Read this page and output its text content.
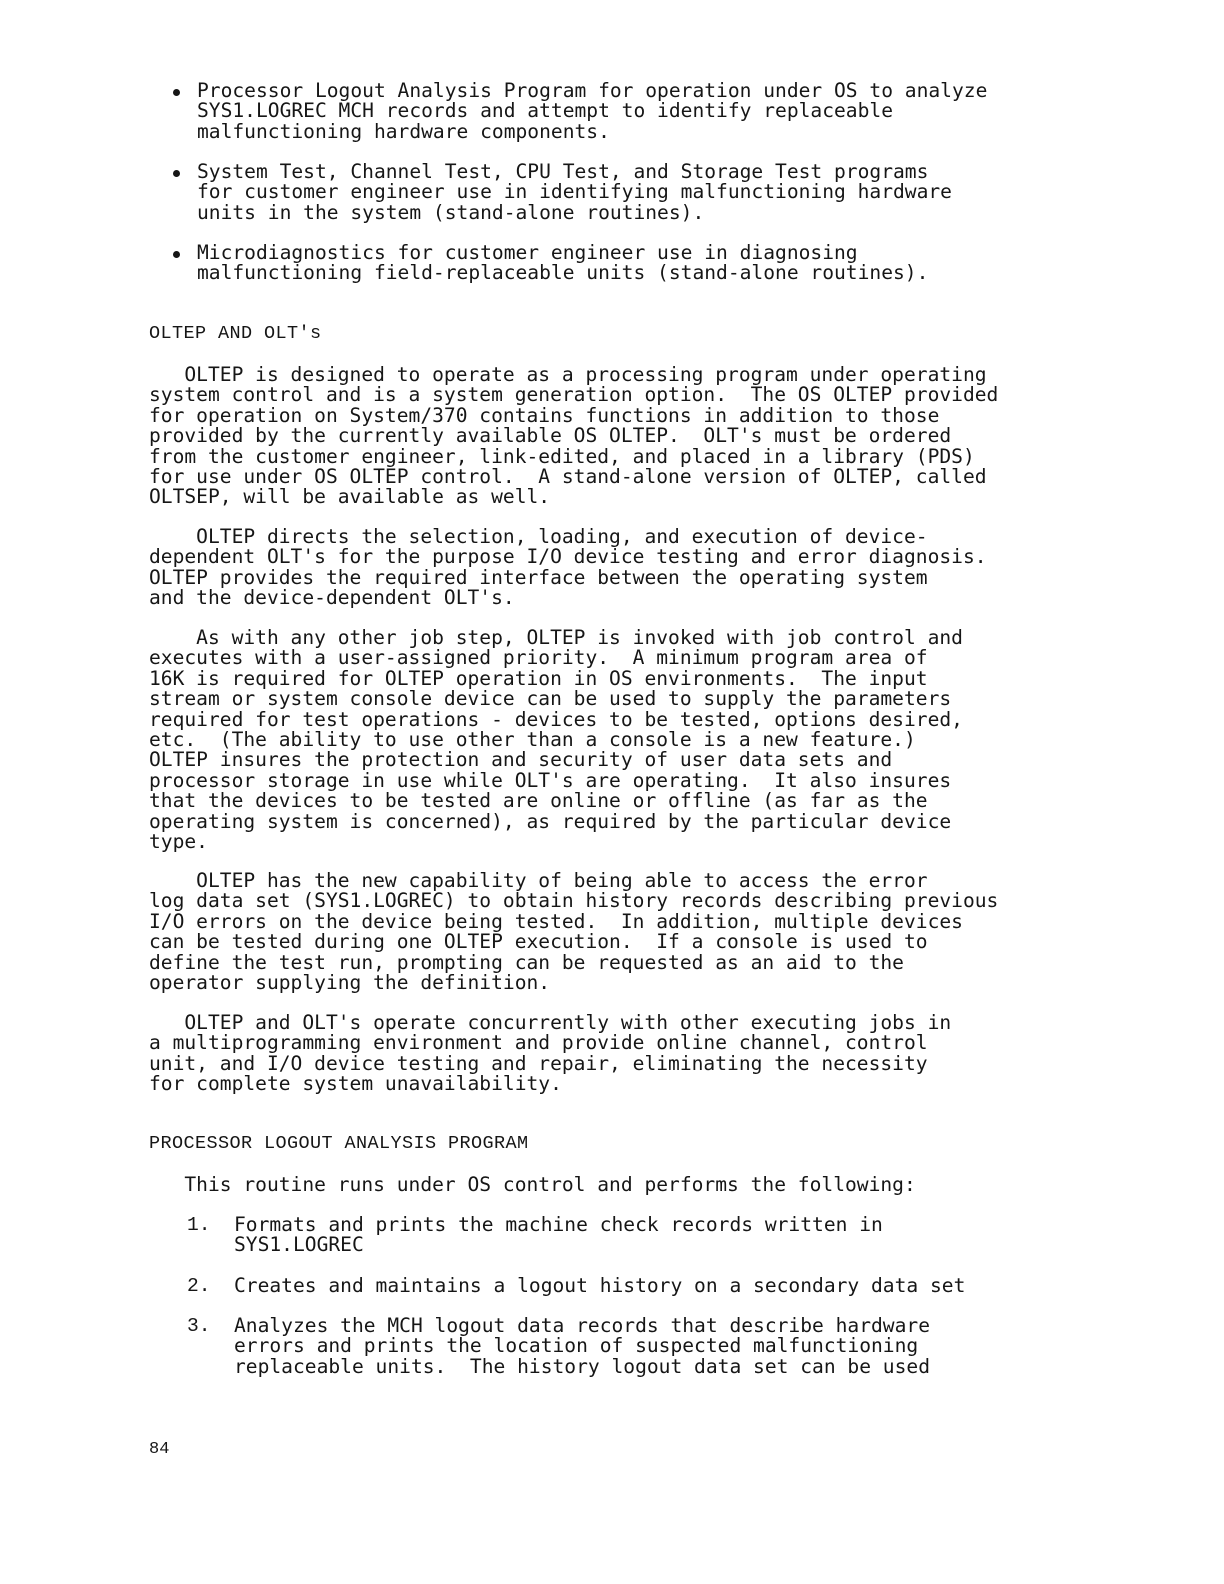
Processor Logout Analysis Program for operation under OS to analyze
SYS1.LOGREC MCH records and attempt to identify replaceable
malfunctioning hardware components.
System Test, Channel Test, CPU Test, and Storage Test programs
for customer engineer use in identifying malfunctioning hardware
units in the system (stand-alone routines).
Microdiagnostics for customer engineer use in diagnosing
malfunctioning field-replaceable units (stand-alone routines).
OLTEP AND OLT's
OLTEP is designed to operate as a processing program under operating
system control and is a system generation option.  The OS OLTEP provided
for operation on System/370 contains functions in addition to those
provided by the currently available OS OLTEP.  OLT's must be ordered
from the customer engineer, link-edited, and placed in a library (PDS)
for use under OS OLTEP control.  A stand-alone version of OLTEP, called
OLTSEP, will be available as well.
OLTEP directs the selection, loading, and execution of device-
dependent OLT's for the purpose I/O device testing and error diagnosis.
OLTEP provides the required interface between the operating system
and the device-dependent OLT's.
As with any other job step, OLTEP is invoked with job control and
executes with a user-assigned priority.  A minimum program area of
16K is required for OLTEP operation in OS environments.  The input
stream or system console device can be used to supply the parameters
required for test operations - devices to be tested, options desired,
etc.  (The ability to use other than a console is a new feature.)
OLTEP insures the protection and security of user data sets and
processor storage in use while OLT's are operating.  It also insures
that the devices to be tested are online or offline (as far as the
operating system is concerned), as required by the particular device
type.
OLTEP has the new capability of being able to access the error
log data set (SYS1.LOGREC) to obtain history records describing previous
I/O errors on the device being tested.  In addition, multiple devices
can be tested during one OLTEP execution.  If a console is used to
define the test run, prompting can be requested as an aid to the
operator supplying the definition.
OLTEP and OLT's operate concurrently with other executing jobs in
a multiprogramming environment and provide online channel, control
unit, and I/O device testing and repair, eliminating the necessity
for complete system unavailability.
PROCESSOR LOGOUT ANALYSIS PROGRAM
This routine runs under OS control and performs the following:
1. Formats and prints the machine check records written in
SYS1.LOGREC
2. Creates and maintains a logout history on a secondary data set
3. Analyzes the MCH logout data records that describe hardware
errors and prints the location of suspected malfunctioning
replaceable units.  The history logout data set can be used
84
